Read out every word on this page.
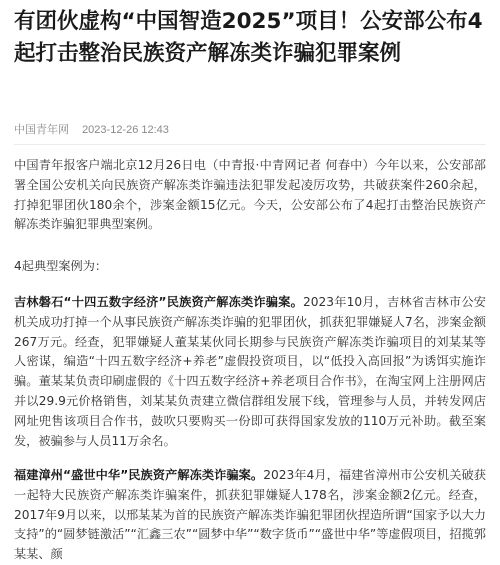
有团伙虚构“中国智造2025”项目！公安部公布4起打击整治民族资产解冻类诈骗犯罪案例
中国青年网 2023-12-26 12:43

中国青年报客户端北京12月26日电（中青报·中青网记者 何春中）今年以来，公安部部署全国公安机关向民族资产解冻类诈骗违法犯罪发起凌厉攻势，共破获案件260余起，打掉犯罪团伙180余个，涉案金额15亿元。今天，公安部公布了4起打击整治民族资产解冻类诈骗犯罪典型案例。

4起典型案例为：

吉林磐石“十四五数字经济”民族资产解冻类诈骗案。2023年10月，吉林省吉林市公安机关成功打掉一个从事民族资产解冻类诈骗的犯罪团伙，抓获犯罪嫌疑人7名，涉案金额267万元。经查，犯罪嫌疑人董某某伙同长期参与民族资产解冻类诈骗项目的刘某某等人密谋，编造“十四五数字经济+养老”虚假投资项目，以“低投入高回报”为诱饵实施诈骗。董某某负责印刷虚假的《十四五数字经济+养老项目合作书》，在淘宝网上注册网店并以29.9元价格销售，刘某某负责建立微信群组发展下线，管理参与人员，并转发网店网址兜售该项目合作书，鼓吹只要购买一份即可获得国家发放的110万元补助。截至案发，被骗参与人员11万余名。

福建漳州“盛世中华”民族资产解冻类诈骗案。2023年4月，福建省漳州市公安机关破获一起特大民族资产解冻类诈骗案件，抓获犯罪嫌疑人178名，涉案金额2亿元。经查，2017年9月以来，以邢某某为首的民族资产解冻类诈骗犯罪团伙捏造所谓“国家予以大力支持”的“圆梦链激活”“汇鑫三农”“圆梦中华”“数字货币”“盛世中华”等虚假项目，招揽郭某某、颜
